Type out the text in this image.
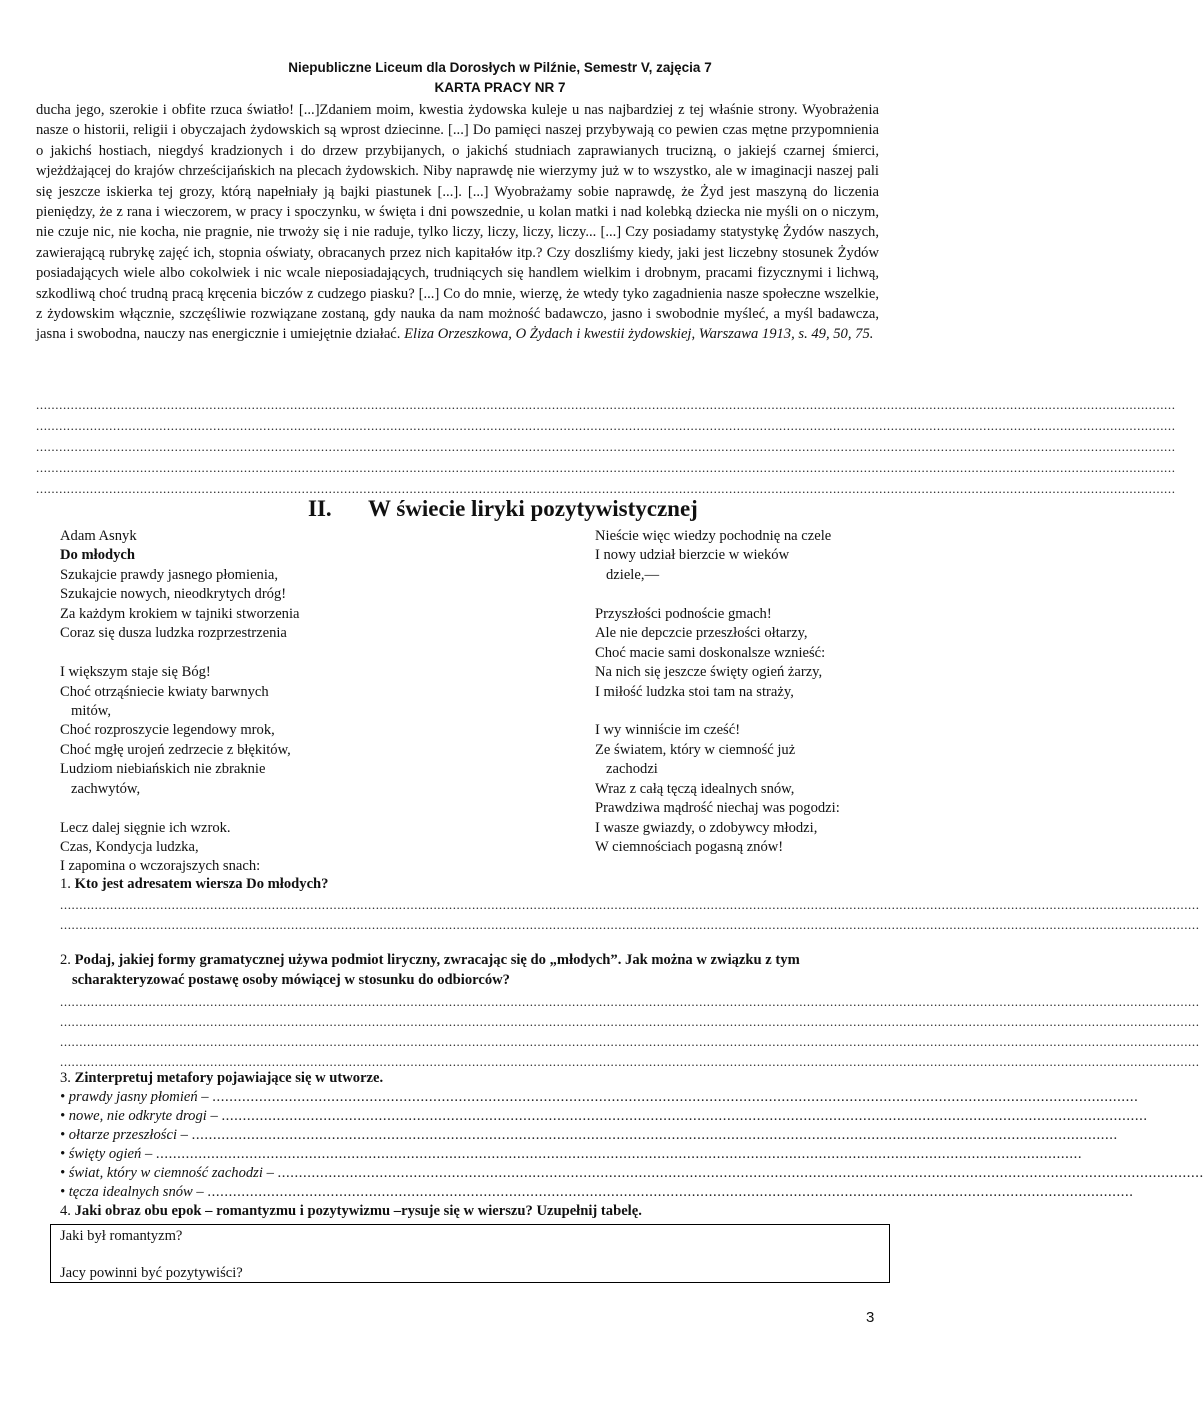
Niepubliczne Liceum dla Dorosłych w Pilźnie, Semestr V, zajęcia 7
KARTA PRACY NR 7

ducha jego, szerokie i obfite rzuca światło! [...]Zdaniem moim, kwestia żydowska kuleje u nas najbardziej z tej właśnie strony. Wyobrażenia nasze o historii, religii i obyczajach żydowskich są wprost dziecinne. [...] Do pamięci naszej przybywają co pewien czas mętne przypomnienia o jakichś hostiach, niegdyś kradzionych i do drzew przybijanych, o jakichś studniach zaprawianych trucizną, o jakiejś czarnej śmierci, wjeżdżającej do krajów chrześcijańskich na plecach żydowskich. Niby naprawdę nie wierzymy już w to wszystko, ale w imaginacji naszej pali się jeszcze iskierka tej grozy, którą napełniały ją bajki piastunek [...]. [...] Wyobrażamy sobie naprawdę, że Żyd jest maszyną do liczenia pieniędzy, że z rana i wieczorem, w pracy i spoczynku, w święta i dni powszednie, u kolan matki i nad kolebką dziecka nie myśli on o niczym, nie czuje nic, nie kocha, nie pragnie, nie trwoży się i nie raduje, tylko liczy, liczy, liczy, liczy... [...] Czy posiadamy statystykę Żydów naszych, zawierającą rubrykę zajęć ich, stopnia oświaty, obracanych przez nich kapitałów itp.? Czy doszliśmy kiedy, jaki jest liczebny stosunek Żydów posiadających wiele albo cokolwiek i nic wcale nieposiadających, trudniących się handlem wielkim i drobnym, pracami fizycznymi i lichwą, szkodliwą choć trudną pracą kręcenia biczów z cudzego piasku? [...] Co do mnie, wierzę, że wtedy tyko zagadnienia nasze społeczne wszelkie, z żydowskim włącznie, szczęśliwie rozwiązane zostaną, gdy nauka da nam możność badawczo, jasno i swobodnie myśleć, a myśl badawcza, jasna i swobodna, nauczy nas energicznie i umiejętnie działać. Eliza Orzeszkowa, O Żydach i kwestii żydowskiej, Warszawa 1913, s. 49, 50, 75.

........................................................................................................................................................................................................................................................................................................
........................................................................................................................................................................................................................................................................................................
........................................................................................................................................................................................................................................................................................................
........................................................................................................................................................................................................................................................................................................
........................................................................................................................................................................................................................................................................................................
II. W świecie liryki pozytywistycznej
Adam Asnyk
Do młodych
Szukajcie prawdy jasnego płomienia,
Szukajcie nowych, nieodkrytych dróg!
Za każdym krokiem w tajniki stworzenia
Coraz się dusza ludzka rozprzestrzenia
I większym staje się Bóg!
Choć otrząśniecie kwiaty barwnych
mitów,
Choć rozproszycie legendowy mrok,
Choć mgłę urojeń zedrzecie z błękitów,
Ludziom niebiańskich nie zbraknie
zachwytów,
Lecz dalej sięgnie ich wzrok.
Czas, Kondycja ludzka,
I zapomina o wczorajszych snach:
Nieście więc wiedzy pochodnię na czele
I nowy udział bierzcie w wieków
dziele,—
Przyszłości podnoście gmach!
Ale nie depczcie przeszłości ołtarzy,
Choć macie sami doskonalsze wznieść:
Na nich się jeszcze święty ogień żarzy,
I miłość ludzka stoi tam na straży,
I wy winniście im cześć!
Ze światem, który w ciemność już
zachodzi
Wraz z całą tęczą idealnych snów,
Prawdziwa mądrość niechaj was pogodzi:
I wasze gwiazdy, o zdobywcy młodzi,
W ciemnościach pogasną znów!
1. Kto jest adresatem wiersza Do młodych?
........................................................................................................................................................................................................................................................................................................
........................................................................................................................................................................................................................................................................................................
2. Podaj, jakiej formy gramatycznej używa podmiot liryczny, zwracając się do „młodych”. Jak można w związku z tym scharakteryzować postawę osoby mówiącej w stosunku do odbiorców?
........................................................................................................................................................................................................................................................................................................
........................................................................................................................................................................................................................................................................................................
........................................................................................................................................................................................................................................................................................................
........................................................................................................................................................................................................................................................................................................
3. Zinterpretuj metafory pojawiające się w utworze.
• prawdy jasny płomień – ..........................................................................................................................................................................................................................
• nowe, nie odkryte drogi – ..........................................................................................................................................................................................................................
• ołtarze przeszłości – ..........................................................................................................................................................................................................................
• święty ogień – ..........................................................................................................................................................................................................................
• świat, który w ciemność zachodzi – ..........................................................................................................................................................................................................................
• tęcza idealnych snów – ..........................................................................................................................................................................................................................
4. Jaki obraz obu epok – romantyzmu i pozytywizmu –rysuje się w wierszu? Uzupełnij tabelę.
Jaki był romantyzm?
Jacy powinni być pozytywiści?
3
